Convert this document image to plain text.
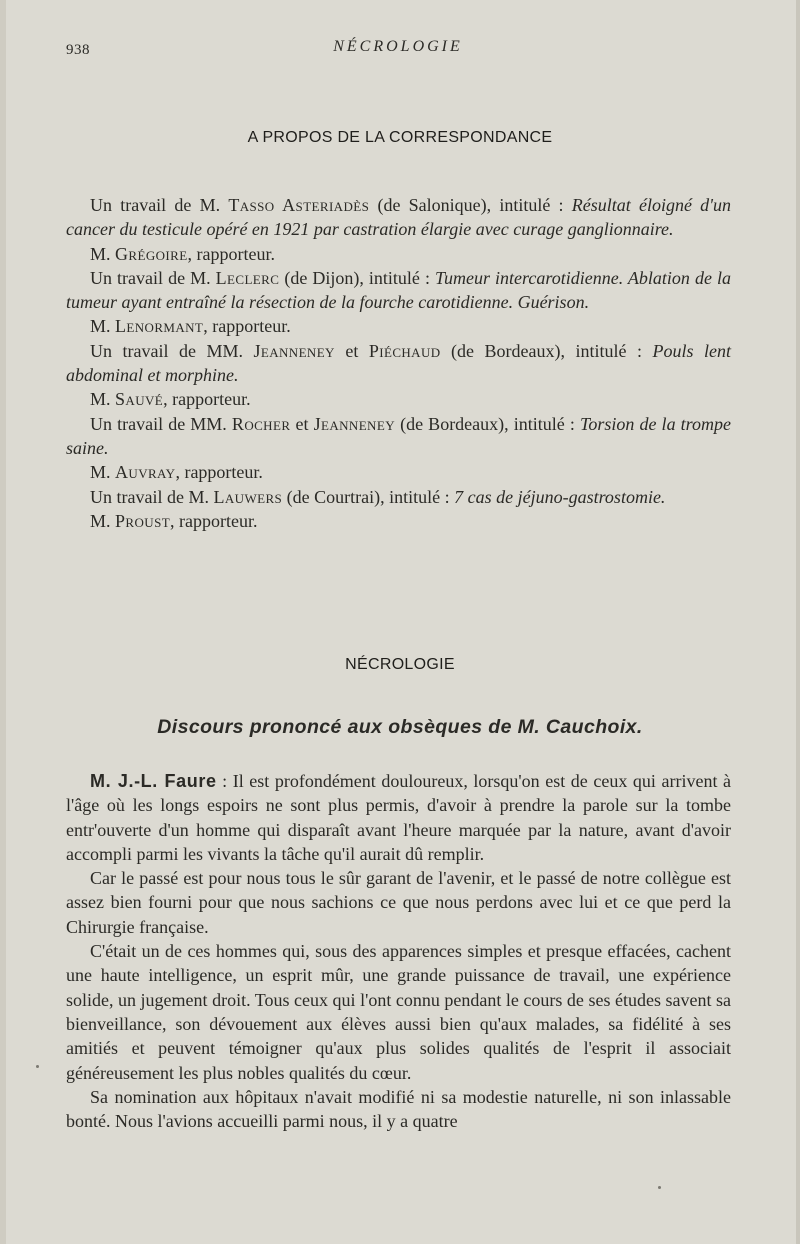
938	NÉCROLOGIE
A PROPOS DE LA CORRESPONDANCE

Un travail de M. Tasso Asteriadès (de Salonique), intitulé : Résultat éloigné d'un cancer du testicule opéré en 1921 par castration élargie avec curage ganglionnaire.

M. Grégoire, rapporteur.

Un travail de M. Leclerc (de Dijon), intitulé : Tumeur intercarotidienne. Ablation de la tumeur ayant entraîné la résection de la fourche carotidienne. Guérison.

M. Lenormant, rapporteur.

Un travail de MM. Jeanneney et Piéchaud (de Bordeaux), intitulé : Pouls lent abdominal et morphine.

M. Sauvé, rapporteur.

Un travail de MM. Rocher et Jeanneney (de Bordeaux), intitulé : Torsion de la trompe saine.

M. Auvray, rapporteur.

Un travail de M. Lauwers (de Courtrai), intitulé : 7 cas de jéjuno-gastrostomie.

M. Proust, rapporteur.

NÉCROLOGIE
Discours prononcé aux obsèques de M. Cauchoix.

M. J.-L. Faure : Il est profondément douloureux, lorsqu'on est de ceux qui arrivent à l'âge où les longs espoirs ne sont plus permis, d'avoir à prendre la parole sur la tombe entr'ouverte d'un homme qui disparaît avant l'heure marquée par la nature, avant d'avoir accompli parmi les vivants la tâche qu'il aurait dû remplir.

Car le passé est pour nous tous le sûr garant de l'avenir, et le passé de notre collègue est assez bien fourni pour que nous sachions ce que nous perdons avec lui et ce que perd la Chirurgie française.

C'était un de ces hommes qui, sous des apparences simples et presque effacées, cachent une haute intelligence, un esprit mûr, une grande puissance de travail, une expérience solide, un jugement droit. Tous ceux qui l'ont connu pendant le cours de ses études savent sa bienveillance, son dévouement aux élèves aussi bien qu'aux malades, sa fidélité à ses amitiés et peuvent témoigner qu'aux plus solides qualités de l'esprit il associait généreusement les plus nobles qualités du cœur.

Sa nomination aux hôpitaux n'avait modifié ni sa modestie naturelle, ni son inlassable bonté. Nous l'avions accueilli parmi nous, il y a quatre
